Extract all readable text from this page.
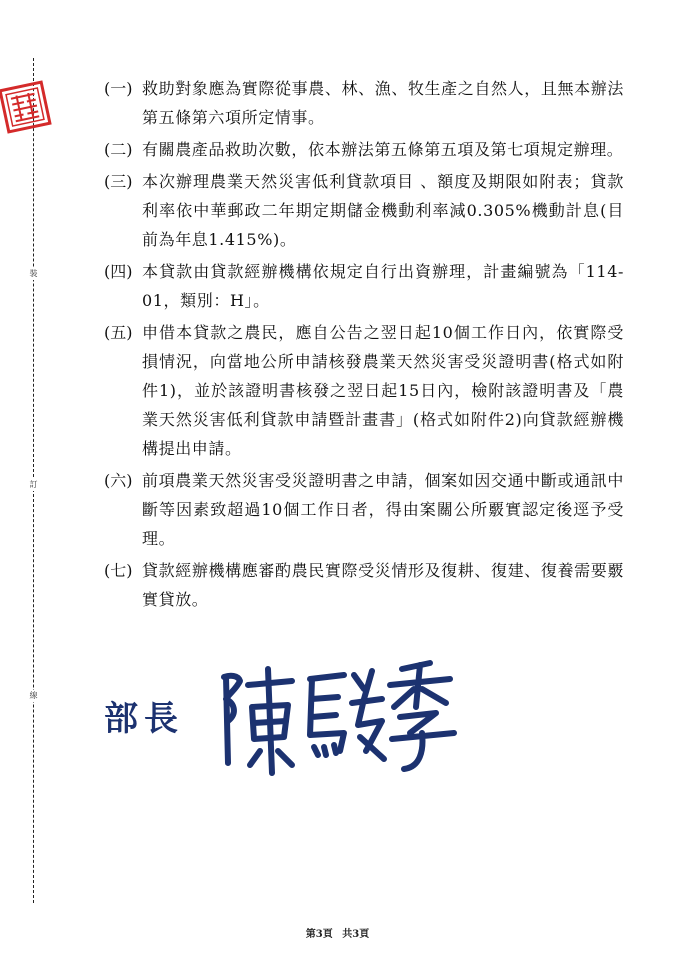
裝
訂
線
(一) 救助對象應為實際從事農、林、漁、牧生產之自然人，且無本辦法第五條第六項所定情事。
(二) 有關農產品救助次數，依本辦法第五條第五項及第七項規定辦理。
(三) 本次辦理農業天然災害低利貸款項目 、額度及期限如附表；貸款利率依中華郵政二年期定期儲金機動利率減0.305%機動計息(目前為年息1.415%)。
(四) 本貸款由貸款經辦機構依規定自行出資辦理，計畫編號為「114-01，類別：H」。
(五) 申借本貸款之農民，應自公告之翌日起10個工作日內，依實際受損情況，向當地公所申請核發農業天然災害受災證明書(格式如附件1)，並於該證明書核發之翌日起15日內，檢附該證明書及「農業天然災害低利貸款申請暨計畫書」(格式如附件2)向貸款經辦機構提出申請。
(六) 前項農業天然災害受災證明書之申請，個案如因交通中斷或通訊中斷等因素致超過10個工作日者，得由案關公所覈實認定後逕予受理。
(七) 貸款經辦機構應審酌農民實際受災情形及復耕、復建、復養需要覈實貸放。
部長
第3頁 共3頁
